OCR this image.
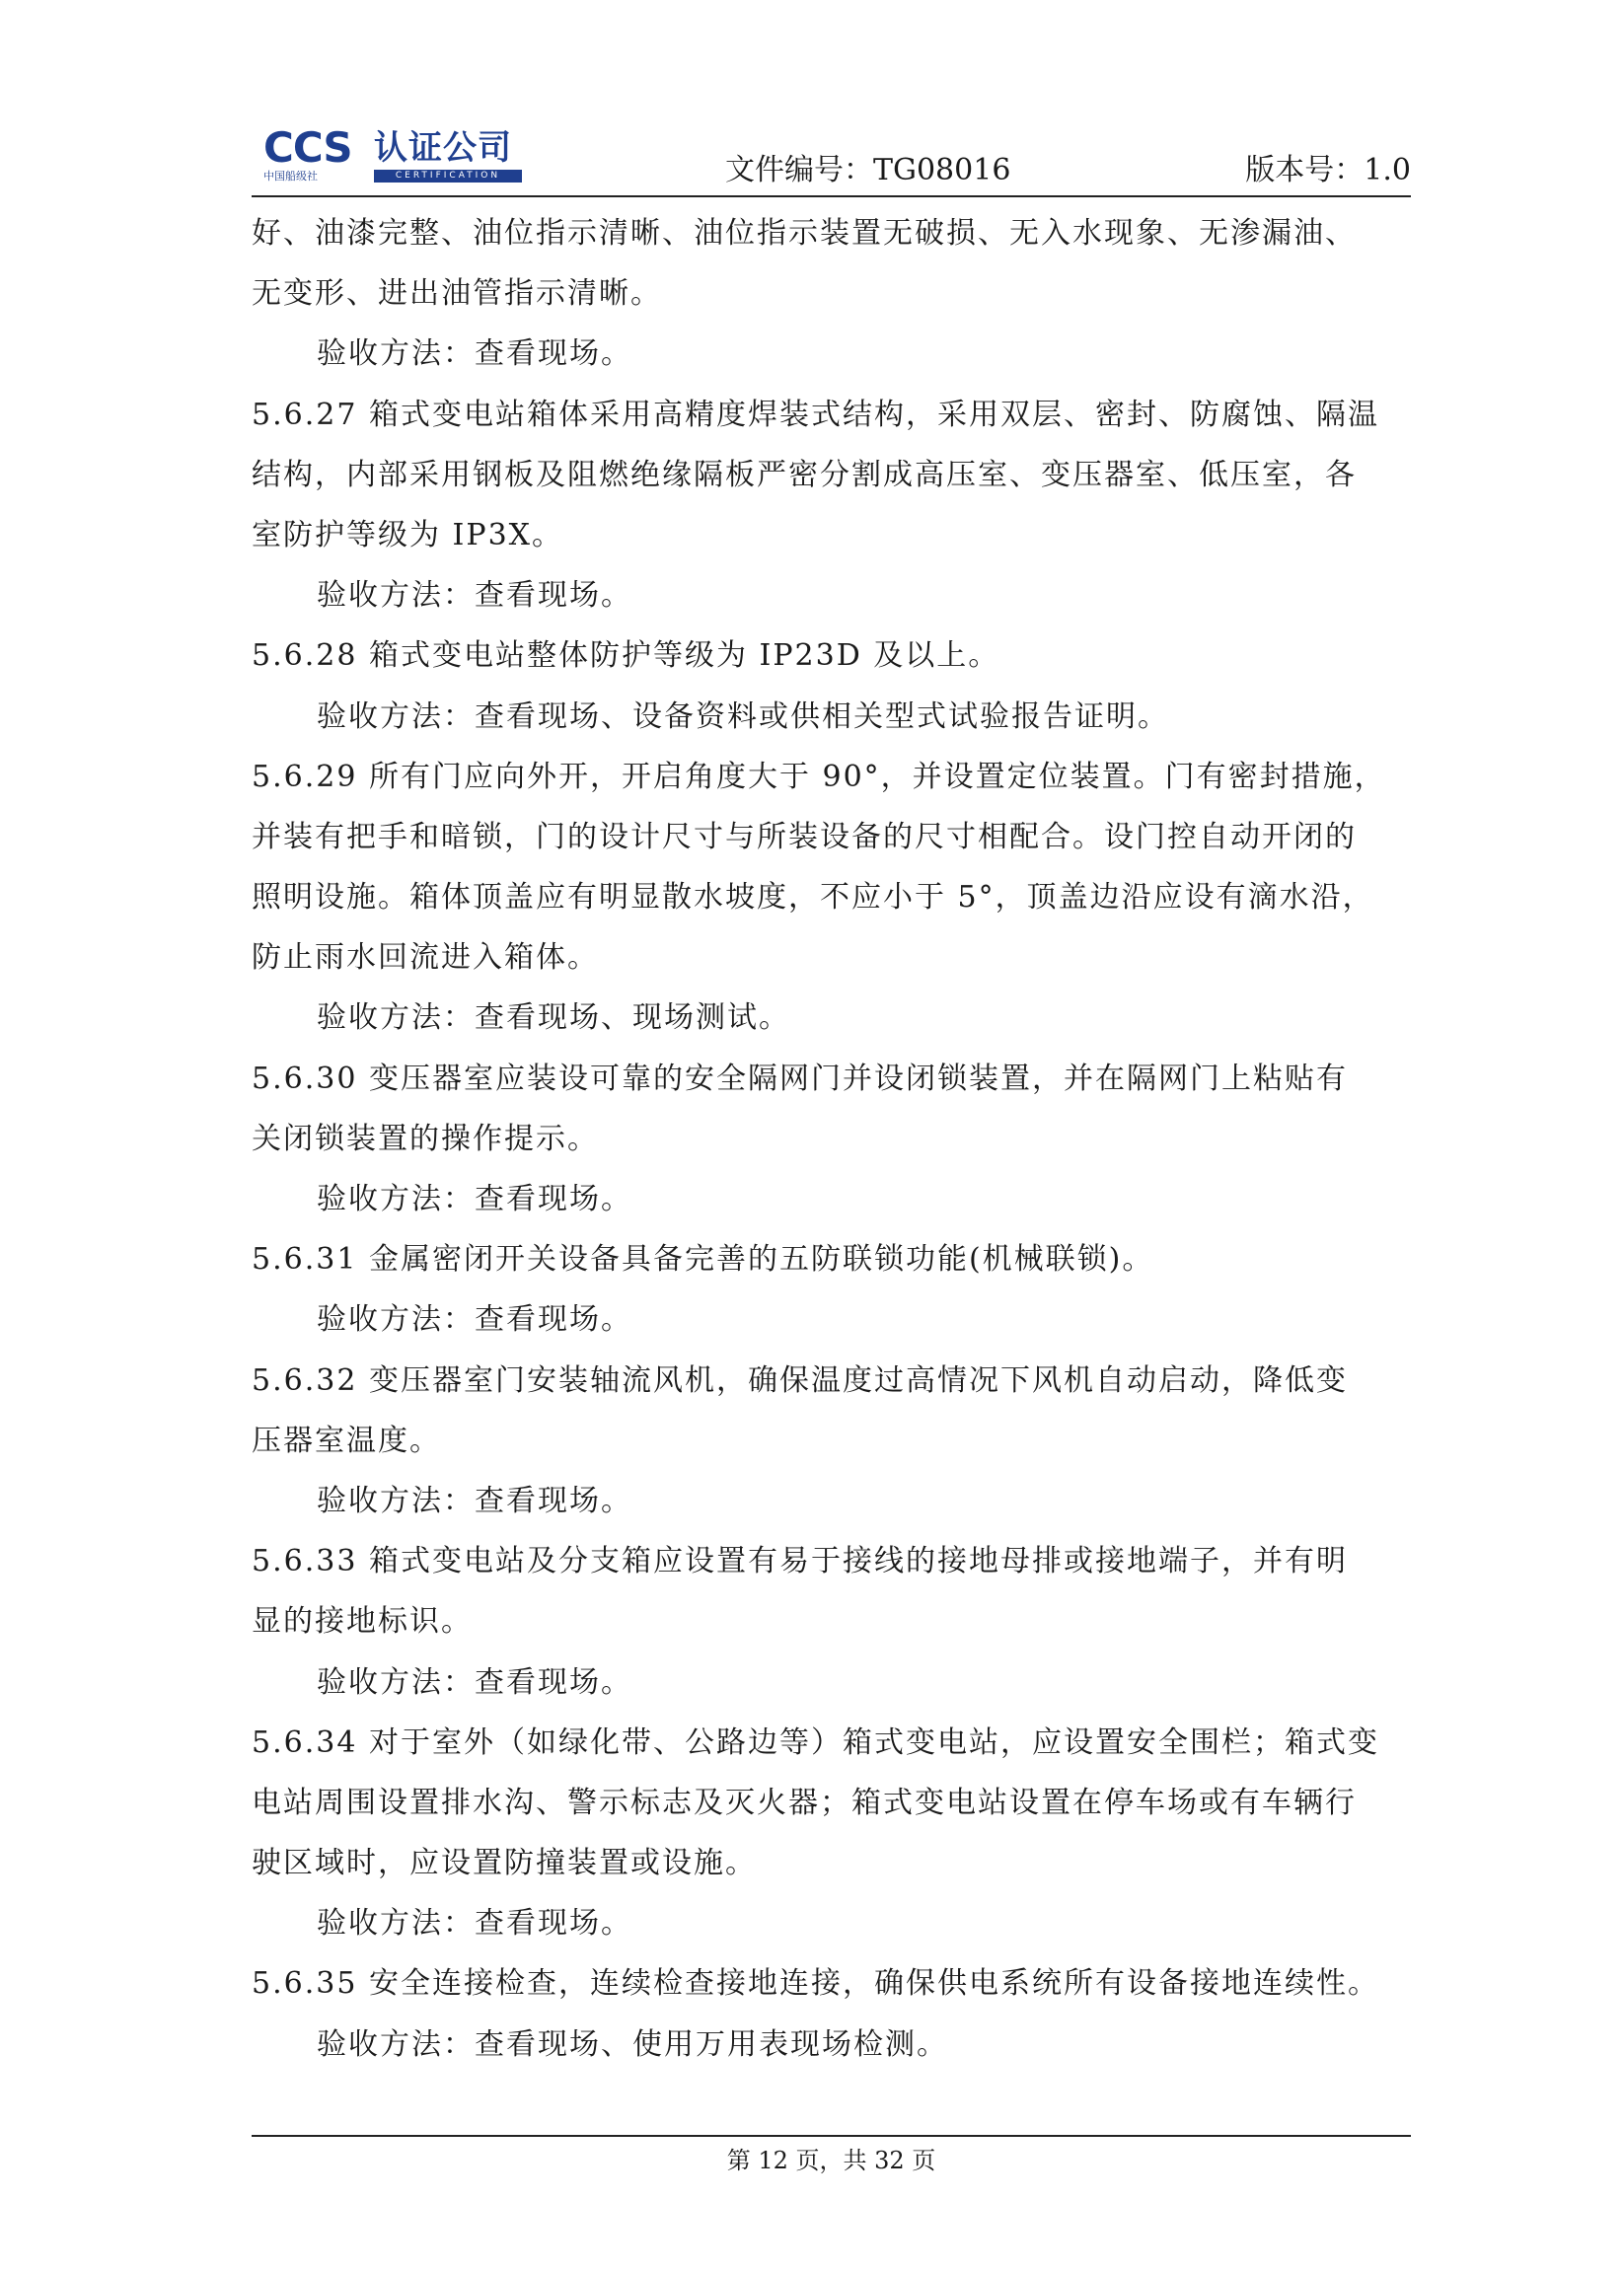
CCS 认证公司
中国船级社	CERTIFICATION	文件编号：TG08016	版本号：1.0
好、油漆完整、油位指示清晰、油位指示装置无破损、无入水现象、无渗漏油、
无变形、进出油管指示清晰。
验收方法：查看现场。
5.6.27 箱式变电站箱体采用高精度焊装式结构，采用双层、密封、防腐蚀、隔温
结构，内部采用钢板及阻燃绝缘隔板严密分割成高压室、变压器室、低压室，各
室防护等级为 IP3X。
验收方法：查看现场。
5.6.28 箱式变电站整体防护等级为 IP23D 及以上。
验收方法：查看现场、设备资料或供相关型式试验报告证明。
5.6.29 所有门应向外开，开启角度大于 90°，并设置定位装置。门有密封措施，
并装有把手和暗锁，门的设计尺寸与所装设备的尺寸相配合。设门控自动开闭的
照明设施。箱体顶盖应有明显散水坡度，不应小于 5°，顶盖边沿应设有滴水沿，
防止雨水回流进入箱体。
验收方法：查看现场、现场测试。
5.6.30 变压器室应装设可靠的安全隔网门并设闭锁装置，并在隔网门上粘贴有
关闭锁装置的操作提示。
验收方法：查看现场。
5.6.31 金属密闭开关设备具备完善的五防联锁功能(机械联锁)。
验收方法：查看现场。
5.6.32 变压器室门安装轴流风机，确保温度过高情况下风机自动启动，降低变
压器室温度。
验收方法：查看现场。
5.6.33 箱式变电站及分支箱应设置有易于接线的接地母排或接地端子，并有明
显的接地标识。
验收方法：查看现场。
5.6.34 对于室外（如绿化带、公路边等）箱式变电站，应设置安全围栏；箱式变
电站周围设置排水沟、警示标志及灭火器；箱式变电站设置在停车场或有车辆行
驶区域时，应设置防撞装置或设施。
验收方法：查看现场。
5.6.35 安全连接检查，连续检查接地连接，确保供电系统所有设备接地连续性。
验收方法：查看现场、使用万用表现场检测。
第 12 页，共 32 页
